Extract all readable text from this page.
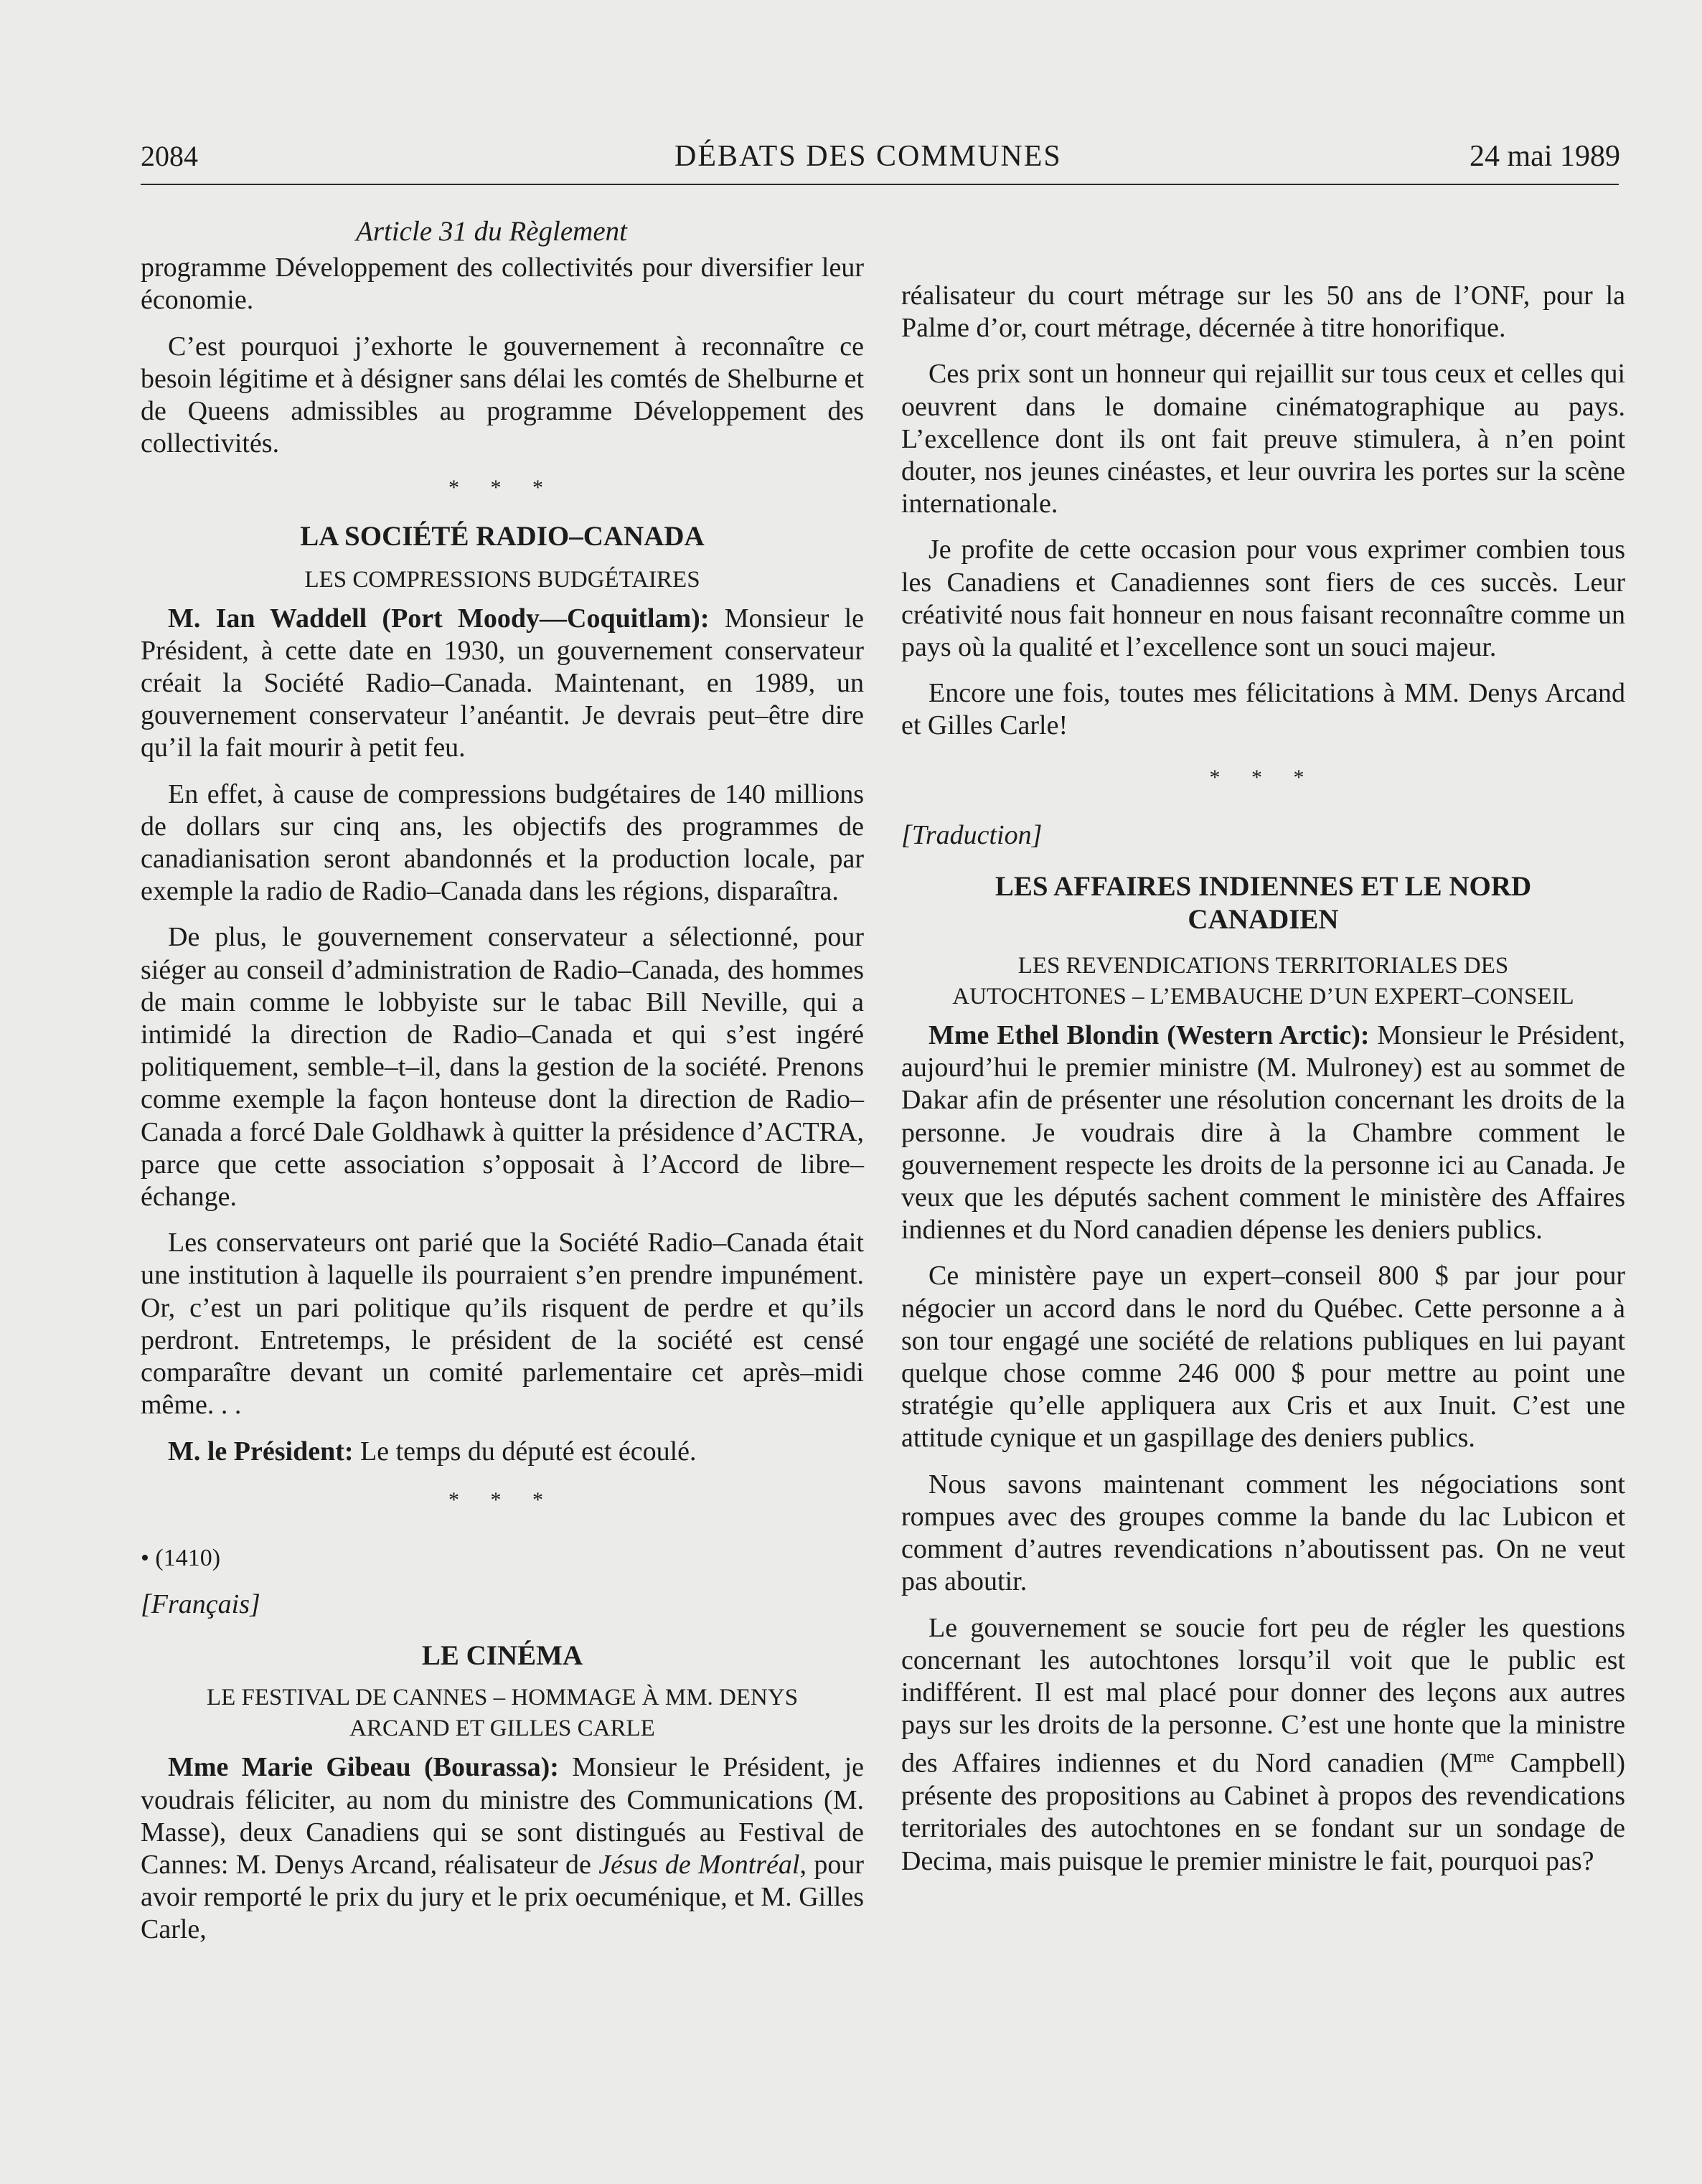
2084	DÉBATS DES COMMUNES	24 mai 1989

Article 31 du Règlement

programme Développement des collectivités pour diversifier leur économie.

C’est pourquoi j’exhorte le gouvernement à reconnaître ce besoin légitime et à désigner sans délai les comtés de Shelburne et de Queens admissibles au programme Développement des collectivités.

* * *

LA SOCIÉTÉ RADIO–CANADA

LES COMPRESSIONS BUDGÉTAIRES

M. Ian Waddell (Port Moody—Coquitlam): Monsieur le Président, à cette date en 1930, un gouvernement conservateur créait la Société Radio–Canada. Maintenant, en 1989, un gouvernement conservateur l’anéantit. Je devrais peut–être dire qu’il la fait mourir à petit feu.

En effet, à cause de compressions budgétaires de 140 millions de dollars sur cinq ans, les objectifs des programmes de canadianisation seront abandonnés et la production locale, par exemple la radio de Radio–Canada dans les régions, disparaîtra.

De plus, le gouvernement conservateur a sélectionné, pour siéger au conseil d’administration de Radio–Canada, des hommes de main comme le lobbyiste sur le tabac Bill Neville, qui a intimidé la direction de Radio–Canada et qui s’est ingéré politiquement, semble–t–il, dans la gestion de la société. Prenons comme exemple la façon honteuse dont la direction de Radio–Canada a forcé Dale Goldhawk à quitter la présidence d’ACTRA, parce que cette association s’opposait à l’Accord de libre–échange.

Les conservateurs ont parié que la Société Radio–Canada était une institution à laquelle ils pourraient s’en prendre impunément. Or, c’est un pari politique qu’ils risquent de perdre et qu’ils perdront. Entretemps, le président de la société est censé comparaître devant un comité parlementaire cet après–midi même. . .

M. le Président: Le temps du député est écoulé.

* * *

• (1410)

[Français]

LE CINÉMA

LE FESTIVAL DE CANNES – HOMMAGE À MM. DENYS ARCAND ET GILLES CARLE

Mme Marie Gibeau (Bourassa): Monsieur le Président, je voudrais féliciter, au nom du ministre des Communications (M. Masse), deux Canadiens qui se sont distingués au Festival de Cannes: M. Denys Arcand, réalisateur de Jésus de Montréal, pour avoir remporté le prix du jury et le prix oecuménique, et M. Gilles Carle,

réalisateur du court métrage sur les 50 ans de l’ONF, pour la Palme d’or, court métrage, décernée à titre honorifique.

Ces prix sont un honneur qui rejaillit sur tous ceux et celles qui oeuvrent dans le domaine cinématographique au pays. L’excellence dont ils ont fait preuve stimulera, à n’en point douter, nos jeunes cinéastes, et leur ouvrira les portes sur la scène internationale.

Je profite de cette occasion pour vous exprimer combien tous les Canadiens et Canadiennes sont fiers de ces succès. Leur créativité nous fait honneur en nous faisant reconnaître comme un pays où la qualité et l’excellence sont un souci majeur.

Encore une fois, toutes mes félicitations à MM. Denys Arcand et Gilles Carle!

* * *

[Traduction]

LES AFFAIRES INDIENNES ET LE NORD CANADIEN

LES REVENDICATIONS TERRITORIALES DES

AUTOCHTONES – L’EMBAUCHE D’UN EXPERT–CONSEIL

Mme Ethel Blondin (Western Arctic): Monsieur le Président, aujourd’hui le premier ministre (M. Mulroney) est au sommet de Dakar afin de présenter une résolution concernant les droits de la personne. Je voudrais dire à la Chambre comment le gouvernement respecte les droits de la personne ici au Canada. Je veux que les députés sachent comment le ministère des Affaires indiennes et du Nord canadien dépense les deniers publics.

Ce ministère paye un expert–conseil 800 $ par jour pour négocier un accord dans le nord du Québec. Cette personne a à son tour engagé une société de relations publiques en lui payant quelque chose comme 246 000 $ pour mettre au point une stratégie qu’elle appliquera aux Cris et aux Inuit. C’est une attitude cynique et un gaspillage des deniers publics.

Nous savons maintenant comment les négociations sont rompues avec des groupes comme la bande du lac Lubicon et comment d’autres revendications n’aboutissent pas. On ne veut pas aboutir.

Le gouvernement se soucie fort peu de régler les questions concernant les autochtones lorsqu’il voit que le public est indifférent. Il est mal placé pour donner des leçons aux autres pays sur les droits de la personne. C’est une honte que la ministre des Affaires indiennes et du Nord canadien ($M^{me}$ Campbell) présente des propositions au Cabinet à propos des revendications territoriales des autochtones en se fondant sur un sondage de Decima, mais puisque le premier ministre le fait, pourquoi pas?
